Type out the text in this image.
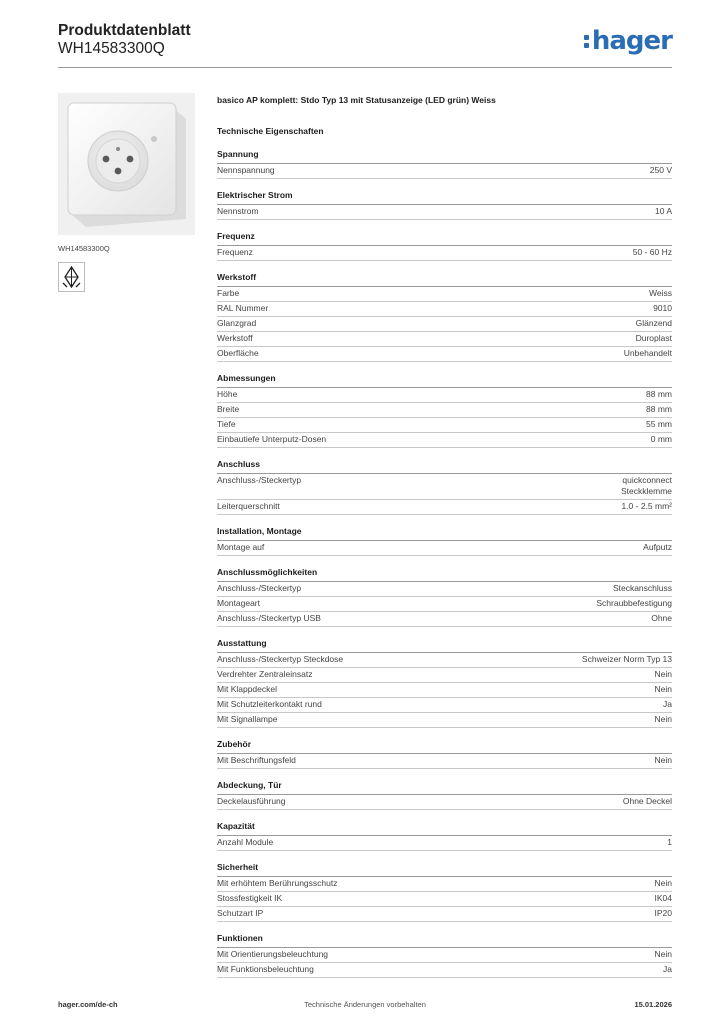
Produktdatenblatt
WH14583300Q	hager
WH14583300Q
basico AP komplett: Stdo Typ 13 mit Statusanzeige (LED grün) Weiss
Technische Eigenschaften
Spannung
Nennspannung	250 V
Elektrischer Strom
Nennstrom	10 A
Frequenz
Frequenz	50 - 60 Hz
Werkstoff
Farbe	Weiss
RAL Nummer	9010
Glanzgrad	Glänzend
Werkstoff	Duroplast
Oberfläche	Unbehandelt
Abmessungen
Höhe	88 mm
Breite	88 mm
Tiefe	55 mm
Einbautiefe Unterputz-Dosen	0 mm
Anschluss
Anschluss-/Steckertyp	quickconnect
Steckklemme
Leiterquerschnitt	1.0 - 2.5 mm²
Installation, Montage
Montage auf	Aufputz
Anschlussmöglichkeiten
Anschluss-/Steckertyp	Steckanschluss
Montageart	Schraubbefestigung
Anschluss-/Steckertyp USB	Ohne
Ausstattung
Anschluss-/Steckertyp Steckdose	Schweizer Norm Typ 13
Verdrehter Zentraleinsatz	Nein
Mit Klappdeckel	Nein
Mit Schutzleiterkontakt rund	Ja
Mit Signallampe	Nein
Zubehör
Mit Beschriftungsfeld	Nein
Abdeckung, Tür
Deckelausführung	Ohne Deckel
Kapazität
Anzahl Module	1
Sicherheit
Mit erhöhtem Berührungsschutz	Nein
Stossfestigkeit IK	IK04
Schutzart IP	IP20
Funktionen
Mit Orientierungsbeleuchtung	Nein
Mit Funktionsbeleuchtung	Ja
hager.com/de-ch	Technische Änderungen vorbehalten	15.01.2026
